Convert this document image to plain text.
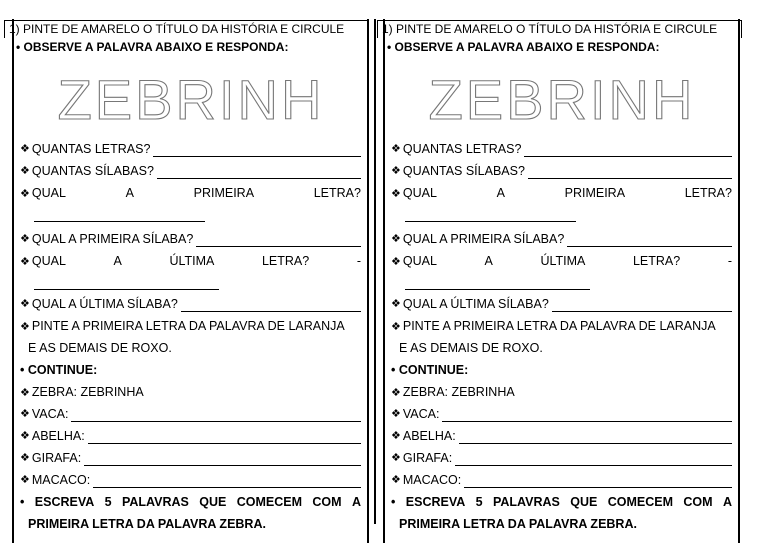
1) PINTE DE AMARELO O TÍTULO DA HISTÓRIA E CIRCULE
• OBSERVE A PALAVRA ABAIXO E RESPONDA:
ZEBRINH
❖ QUANTAS LETRAS?
❖ QUANTAS SÍLABAS?
❖ QUAL	A	PRIMEIRA	LETRA?
❖ QUAL A PRIMEIRA SÍLABA?
❖ QUAL	A	ÚLTIMA	LETRA?	-
❖ QUAL A ÚLTIMA SÍLABA?
❖ PINTE A PRIMEIRA LETRA DA PALAVRA DE LARANJA
E AS DEMAIS DE ROXO.
• CONTINUE:
❖ ZEBRA: ZEBRINHA
❖ VACA:
❖ ABELHA:
❖ GIRAFA:
❖ MACACO:
• ESCREVA 5 PALAVRAS QUE COMECEM COM A
PRIMEIRA LETRA DA PALAVRA ZEBRA.
1) PINTE DE AMARELO O TÍTULO DA HISTÓRIA E CIRCULE
• OBSERVE A PALAVRA ABAIXO E RESPONDA:
ZEBRINH
❖ QUANTAS LETRAS?
❖ QUANTAS SÍLABAS?
❖ QUAL	A	PRIMEIRA	LETRA?
❖ QUAL A PRIMEIRA SÍLABA?
❖ QUAL	A	ÚLTIMA	LETRA?	-
❖ QUAL A ÚLTIMA SÍLABA?
❖ PINTE A PRIMEIRA LETRA DA PALAVRA DE LARANJA
E AS DEMAIS DE ROXO.
• CONTINUE:
❖ ZEBRA: ZEBRINHA
❖ VACA:
❖ ABELHA:
❖ GIRAFA:
❖ MACACO:
• ESCREVA 5 PALAVRAS QUE COMECEM COM A
PRIMEIRA LETRA DA PALAVRA ZEBRA.
